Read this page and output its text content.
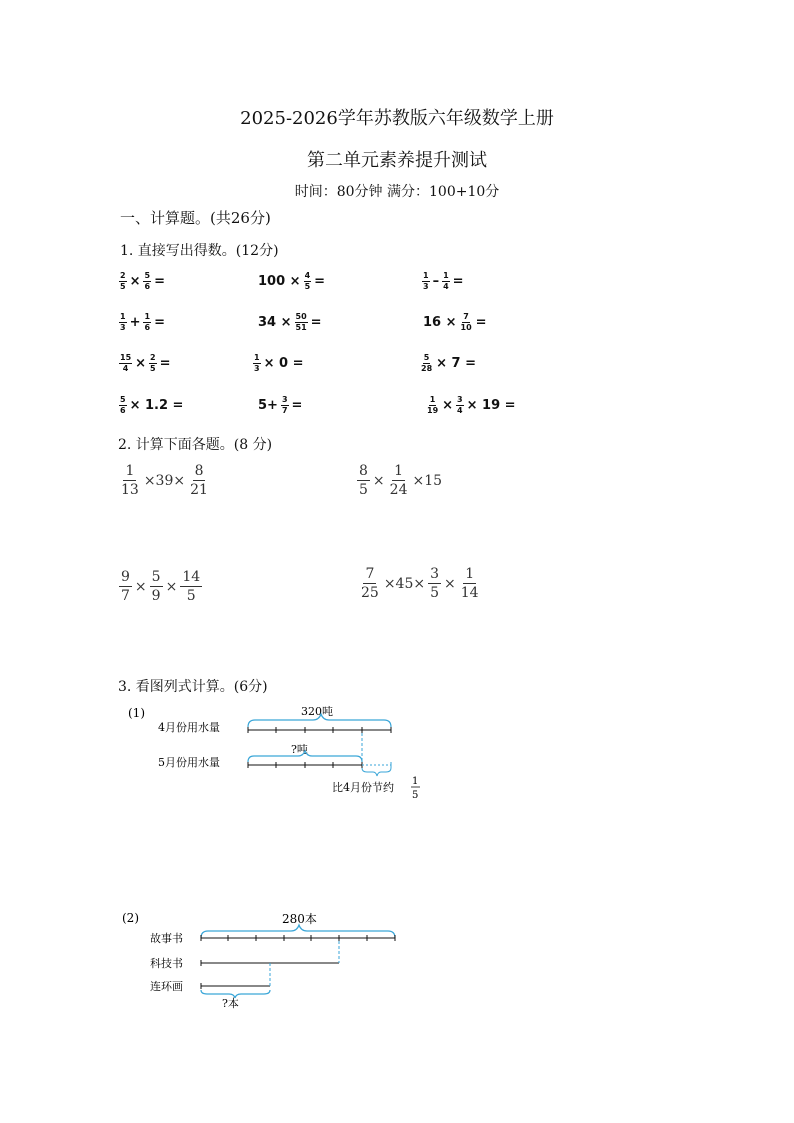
2025-2026学年苏教版六年级数学上册
第二单元素养提升测试
时间：80分钟 满分：100+10分
一、计算题。(共26分)
1. 直接写出得数。(12分)
$\frac{2}{5} \times \frac{5}{6}$ =	$100 \times \frac{4}{5}$ =	$\frac{1}{3} - \frac{1}{4}$ =
$\frac{1}{3} + \frac{1}{6}$ =	$34 \times \frac{50}{51}$ =	$16 \times \frac{7}{10}$ =
$\frac{15}{4} \times \frac{2}{5}$ =	$\frac{1}{3} \times 0$ =	$\frac{5}{28} \times 7$ =
$\frac{5}{6} \times 1.2$ =	$5+ \frac{3}{7}$ =	$\frac{1}{19} \times \frac{3}{4} \times 19$ =
2. 计算下面各题。(8 分)
$\frac{1}{13} \times 39\times \frac{8}{21}$	$\frac{8}{5} \times \frac{1}{24} \times 15$
$\frac{9}{7} \times \frac{5}{9} \times \frac{14}{5}$	$\frac{7}{25} \times 45\times \frac{3}{5} \times \frac{1}{14}$
3. 看图列式计算。(6分)
(1)
4月份用水量
5月份用水量
320吨
?吨
比4月份节约 1
5
(2)
故事书
科技书
连环画
280本
?本
